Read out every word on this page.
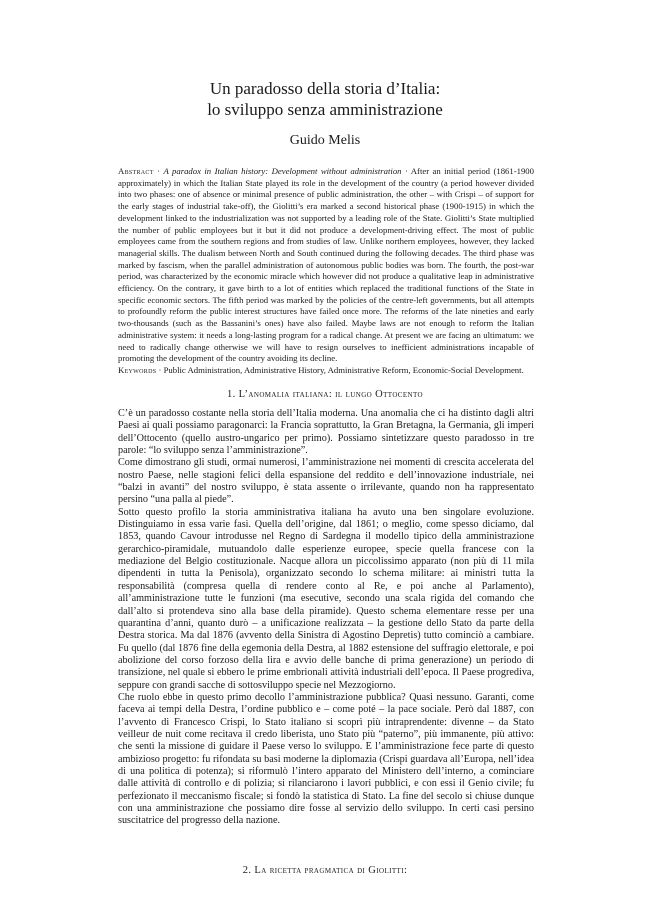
Un paradosso della storia d’Italia:
lo sviluppo senza amministrazione
Guido Melis
Abstract · A paradox in Italian history: Development without administration · After an initial period (1861-1900 approximately) in which the Italian State played its role in the development of the country (a period however divided into two phases: one of absence or minimal presence of public administration, the other – with Crispi – of support for the early stages of industrial take-off), the Giolitti’s era marked a second historical phase (1900-1915) in which the development linked to the industrialization was not supported by a leading role of the State. Giolitti’s State multiplied the number of public employees but it but it did not produce a development-driving effect. The most of public employees came from the southern regions and from studies of law. Unlike northern employees, however, they lacked managerial skills. The dualism between North and South continued during the following decades. The third phase was marked by fascism, when the parallel administration of autonomous public bodies was born. The fourth, the post-war period, was characterized by the economic miracle which however did not produce a qualitative leap in administrative efficiency. On the contrary, it gave birth to a lot of entities which replaced the traditional functions of the State in specific economic sectors. The fifth period was marked by the policies of the centre-left governments, but all attempts to profoundly reform the public interest structures have failed once more. The reforms of the late nineties and early two-thousands (such as the Bassanini’s ones) have also failed. Maybe laws are not enough to reform the Italian administrative system: it needs a long-lasting program for a radical change. At present we are facing an ultimatum: we need to radically change otherwise we will have to resign ourselves to inefficient administrations incapable of promoting the development of the country avoiding its decline.
Keywords · Public Administration, Administrative History, Administrative Reform, Economic-Social Development.
1. L’anomalia italiana: il lungo Ottocento

C’è un paradosso costante nella storia dell’Italia moderna. Una anomalia che ci ha distinto dagli altri Paesi ai quali possiamo paragonarci: la Francia soprattutto, la Gran Bretagna, la Germania, gli imperi dell’Ottocento (quello austro-ungarico per primo). Possiamo sintetizzare questo paradosso in tre parole: “lo sviluppo senza l’amministrazione”.

Come dimostrano gli studi, ormai numerosi, l’amministrazione nei momenti di crescita accelerata del nostro Paese, nelle stagioni felici della espansione del reddito e dell’innovazione industriale, nei “balzi in avanti” del nostro sviluppo, è stata assente o irrilevante, quando non ha rappresentato persino “una palla al piede”.

Sotto questo profilo la storia amministrativa italiana ha avuto una ben singolare evoluzione. Distinguiamo in essa varie fasi. Quella dell’origine, dal 1861; o meglio, come spesso diciamo, dal 1853, quando Cavour introdusse nel Regno di Sardegna il modello tipico della amministrazione gerarchico-piramidale, mutuandolo dalle esperienze europee, specie quella francese con la mediazione del Belgio costituzionale. Nacque allora un piccolissimo apparato (non più di 11 mila dipendenti in tutta la Penisola), organizzato secondo lo schema militare: ai ministri tutta la responsabilità (compresa quella di rendere conto al Re, e poi anche al Parlamento), all’amministrazione tutte le funzioni (ma esecutive, secondo una scala rigida del comando che dall’alto si protendeva sino alla base della piramide). Questo schema elementare resse per una quarantina d’anni, quanto durò – a unificazione realizzata – la gestione dello Stato da parte della Destra storica. Ma dal 1876 (avvento della Sinistra di Agostino Depretis) tutto cominciò a cambiare. Fu quello (dal 1876 fine della egemonia della Destra, al 1882 estensione del suffragio elettorale, e poi abolizione del corso forzoso della lira e avvio delle banche di prima generazione) un periodo di transizione, nel quale si ebbero le prime embrionali attività industriali dell’epoca. Il Paese progrediva, seppure con grandi sacche di sottosviluppo specie nel Mezzogiorno.

Che ruolo ebbe in questo primo decollo l’amministrazione pubblica? Quasi nessuno. Garanti, come faceva ai tempi della Destra, l’ordine pubblico e – come poté – la pace sociale. Però dal 1887, con l’avvento di Francesco Crispi, lo Stato italiano si scoprì più intraprendente: divenne – da Stato veilleur de nuit come recitava il credo liberista, uno Stato più “paterno”, più immanente, più attivo: che sentì la missione di guidare il Paese verso lo sviluppo. E l’amministrazione fece parte di questo ambizioso progetto: fu rifondata su basi moderne la diplomazia (Crispi guardava all’Europa, nell’idea di una politica di potenza); si riformulò l’intero apparato del Ministero dell’interno, a cominciare dalle attività di controllo e di polizia; si rilanciarono i lavori pubblici, e con essi il Genio civile; fu perfezionato il meccanismo fiscale; si fondò la statistica di Stato. La fine del secolo si chiuse dunque con una amministrazione che possiamo dire fosse al servizio dello sviluppo. In certi casi persino suscitatrice del progresso della nazione.

2. La ricetta pragmatica di Giolitti:
